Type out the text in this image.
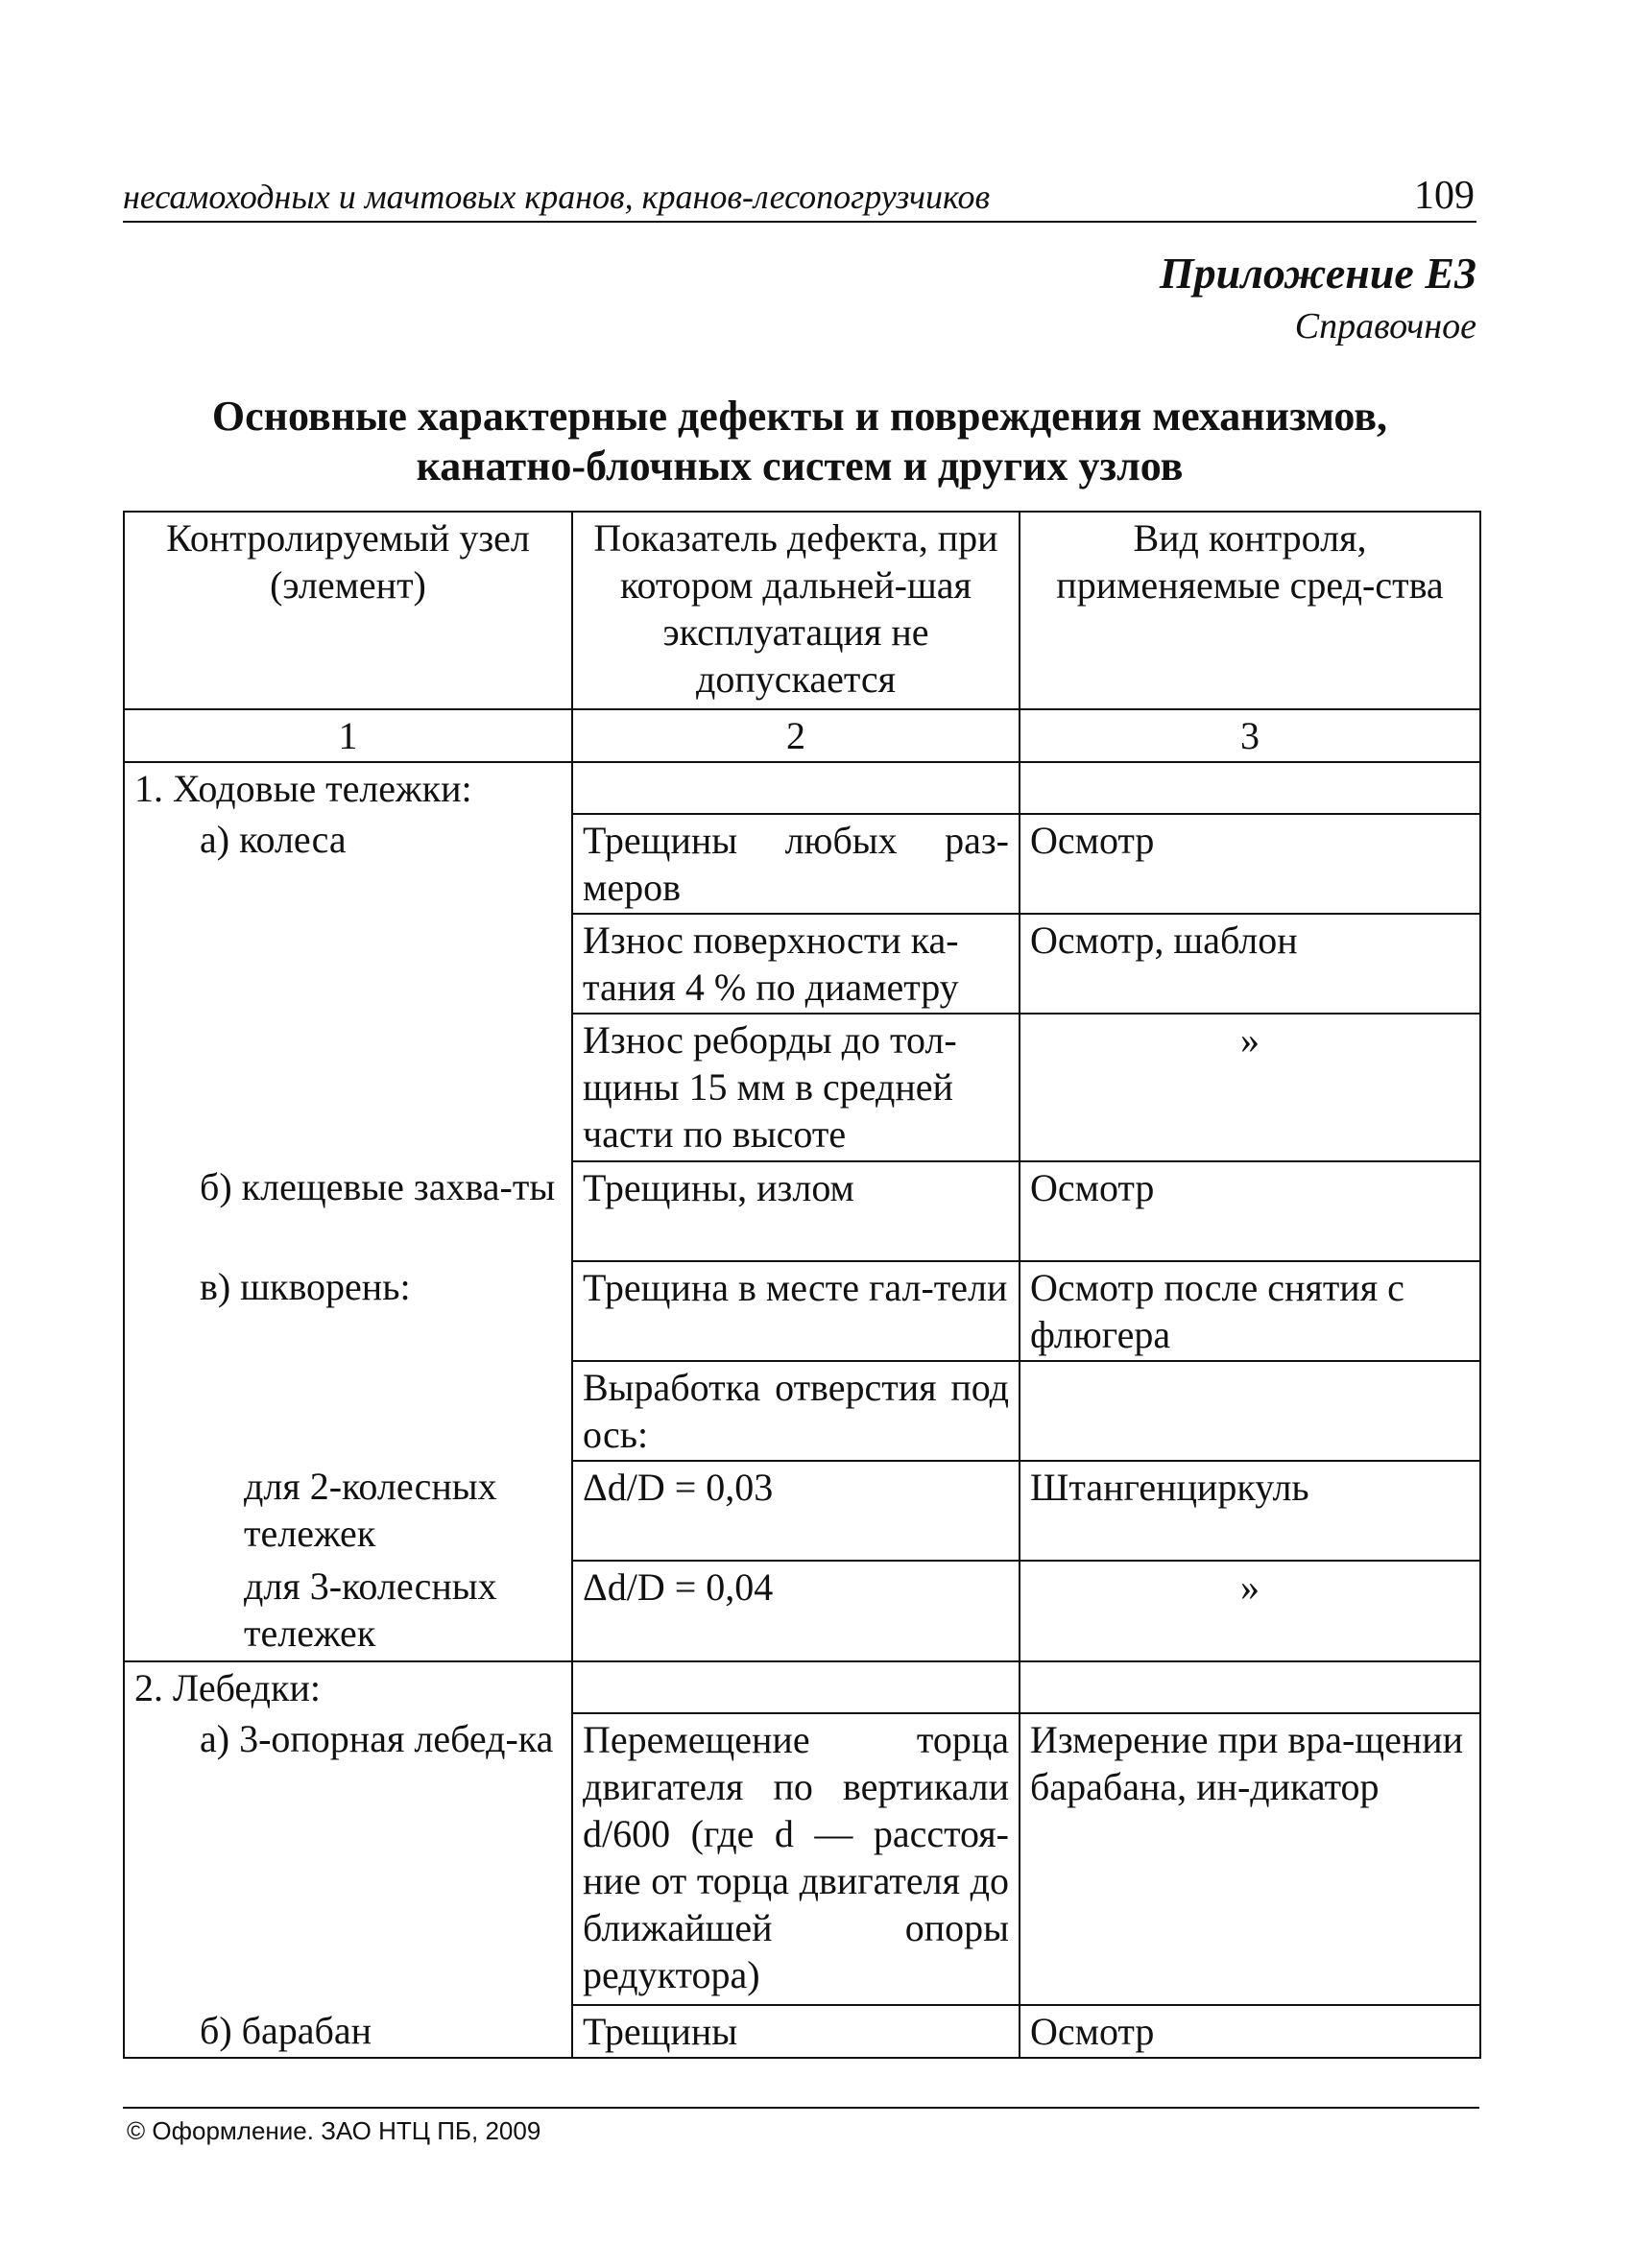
несамоходных и мачтовых кранов, кранов-лесопогрузчиков	109
Приложение Е3
Справочное
Основные характерные дефекты и повреждения механизмов,
канатно-блочных систем и других узлов
Контролируемый узел (элемент)	Показатель дефекта, при котором дальней-шая эксплуатация не допускается	Вид контроля, применяемые сред-ства
1	2	3
1. Ходовые тележки:		

а) колеса	Трещины любых раз-меров	Осмотр
	Износ поверхности ка-тания 4 % по диаметру	Осмотр, шаблон
	Износ реборды до тол-щины 15 мм в средней части по высоте	»

б) клещевые захва-ты	Трещины, излом	Осмотр

в) шкворень:	Трещина в месте гал-тели	Осмотр после снятия с флюгера
	Выработка отверстия под ось:	

для 2-колесных тележек	Δd/D = 0,03	Штангенциркуль

для 3-колесных тележек	Δd/D = 0,04	»
2. Лебедки:		

а) 3-опорная лебед-ка	Перемещение торца двигателя по вертикали d/600 (где d — расстоя-ние от торца двигателя до ближайшей опоры редуктора)	Измерение при вра-щении барабана, ин-дикатор

б) барабан	Трещины	Осмотр
© Оформление. ЗАО НТЦ ПБ, 2009
